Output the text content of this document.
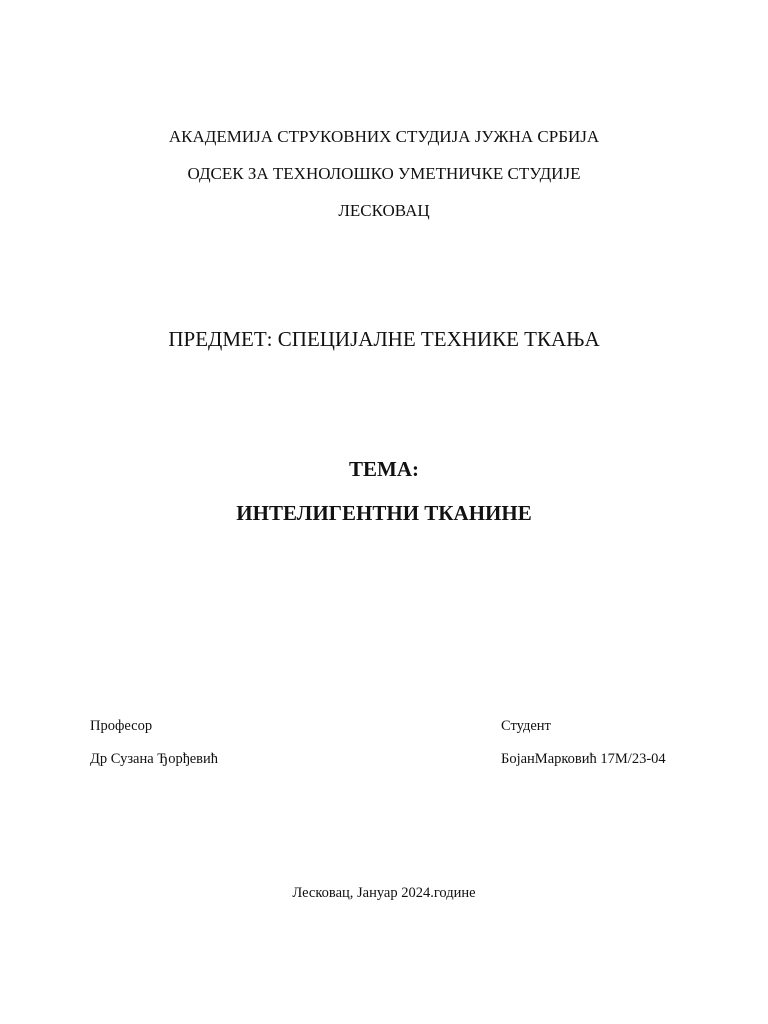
АКАДЕМИЈА СТРУКОВНИХ СТУДИЈА ЈУЖНА СРБИЈА
ОДСЕК ЗА ТЕХНОЛОШКО УМЕТНИЧКЕ СТУДИЈЕ
ЛЕСКОВАЦ
ПРЕДМЕТ: СПЕЦИЈАЛНЕ ТЕХНИКЕ ТКАЊА
ТЕМА:
ИНТЕЛИГЕНТНИ ТКАНИНЕ
Професор
Др Сузана Ђорђевић
Студент
БојанМарковић 17М/23-04
Лесковац, Јануар 2024.године
